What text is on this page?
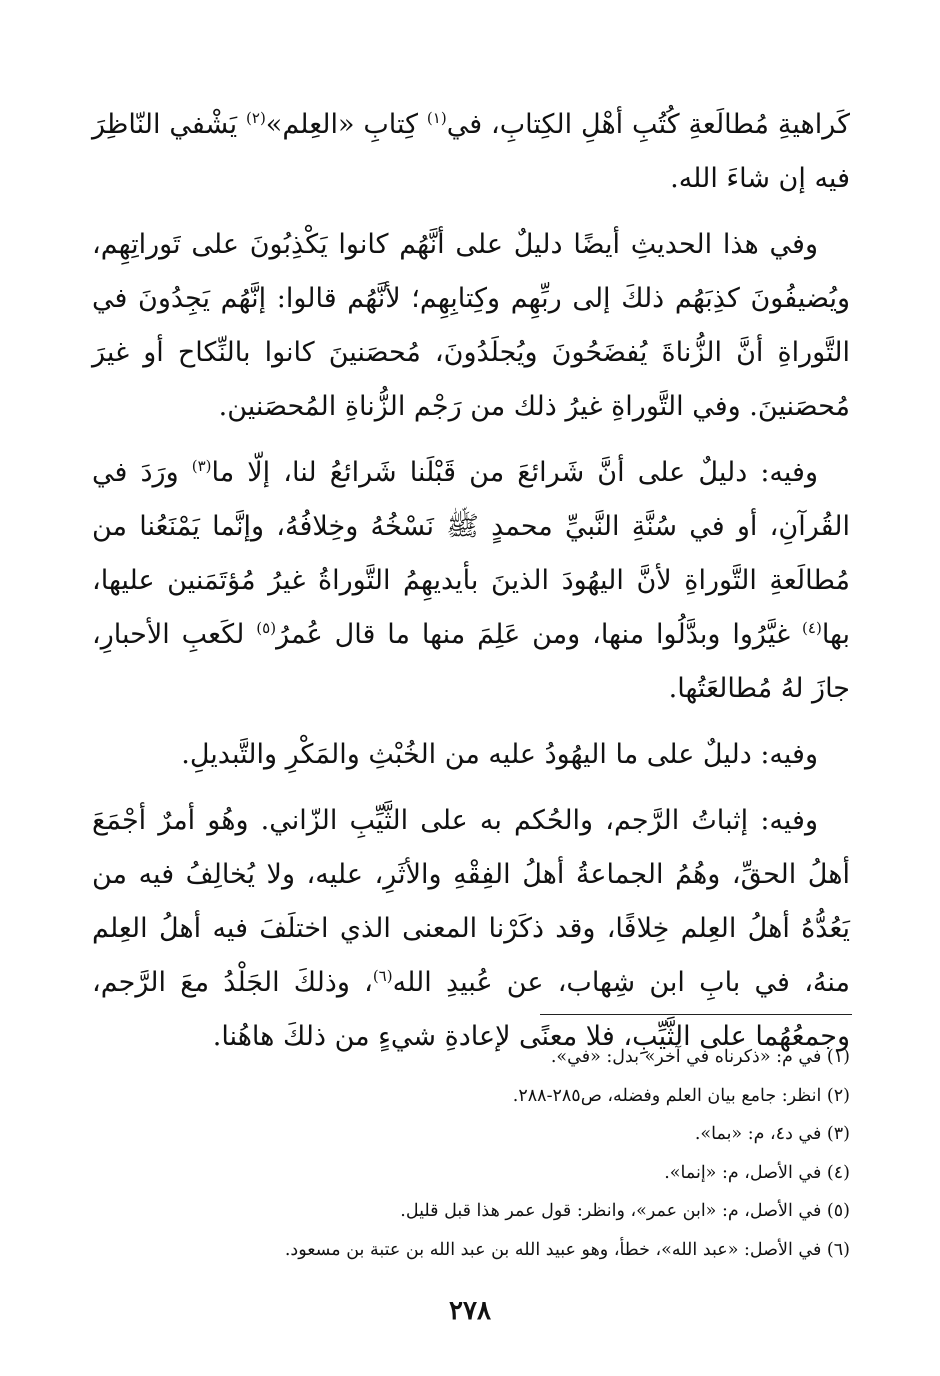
كَراهيةِ مُطالَعةِ كُتُبِ أهْلِ الكِتابِ، في$^{(١)}$ كِتابِ «العِلم»$^{(٢)}$ يَشْفي النّاظِرَ فيه إن شاءَ الله.

وفي هذا الحديثِ أيضًا دليلٌ على أنَّهُم كانوا يَكْذِبُونَ على تَوراتِهِم، ويُضيفُونَ كذِبَهُم ذلكَ إلى ربِّهِم وكِتابِهِم؛ لأنَّهُم قالوا: إنَّهُم يَجِدُونَ في التَّوراةِ أنَّ الزُّناةَ يُفضَحُونَ ويُجلَدُونَ، مُحصَنينَ كانوا بالنِّكاح أو غيرَ مُحصَنينَ. وفي التَّوراةِ غيرُ ذلك من رَجْم الزُّناةِ المُحصَنين.

وفيه: دليلٌ على أنَّ شَرائعَ من قَبْلَنا شَرائعُ لنا، إلّا ما$^{(٣)}$ ورَدَ في القُرآنِ، أو في سُنَّةِ النَّبيِّ محمدٍ ﷺ نَسْخُهُ وخِلافُهُ، وإنَّما يَمْنَعُنا من مُطالَعةِ التَّوراةِ لأنَّ اليهُودَ الذينَ بأيديهِمُ التَّوراةُ غيرُ مُؤتَمَنين عليها، بها$^{(٤)}$ غيَّرُوا وبدَّلُوا منها، ومن عَلِمَ منها ما قال عُمرُ$^{(٥)}$ لكَعبِ الأحبارِ، جازَ لهُ مُطالعَتُها.

وفيه: دليلٌ على ما اليهُودُ عليه من الخُبْثِ والمَكْرِ والتَّبديلِ.

وفيه: إثباتُ الرَّجم، والحُكم به على الثَّيِّبِ الزّاني. وهُو أمرٌ أجْمَعَ أهلُ الحقِّ، وهُمُ الجماعةُ أهلُ الفِقْهِ والأثَرِ، عليه، ولا يُخالِفُ فيه من يَعُدُّهُ أهلُ العِلم خِلافًا، وقد ذكَرْنا المعنى الذي اختلَفَ فيه أهلُ العِلم منهُ، في بابِ ابن شِهاب، عن عُبيدِ الله$^{(٦)}$، وذلكَ الجَلْدُ معَ الرَّجم، وجمعُهُما على الثَّيِّبِ، فلا معنًى لإعادةِ شيءٍ من ذلكَ هاهُنا.

(١) في م: «ذكرناه في آخر» بدل: «في».

(٢) انظر: جامع بيان العلم وفضله، ص٢٨٥-٢٨٨.

(٣) في د٤، م: «بما».

(٤) في الأصل، م: «إنما».

(٥) في الأصل، م: «ابن عمر»، وانظر: قول عمر هذا قبل قليل.

(٦) في الأصل: «عبد الله»، خطأ، وهو عبيد الله بن عبد الله بن عتبة بن مسعود.

٢٧٨
